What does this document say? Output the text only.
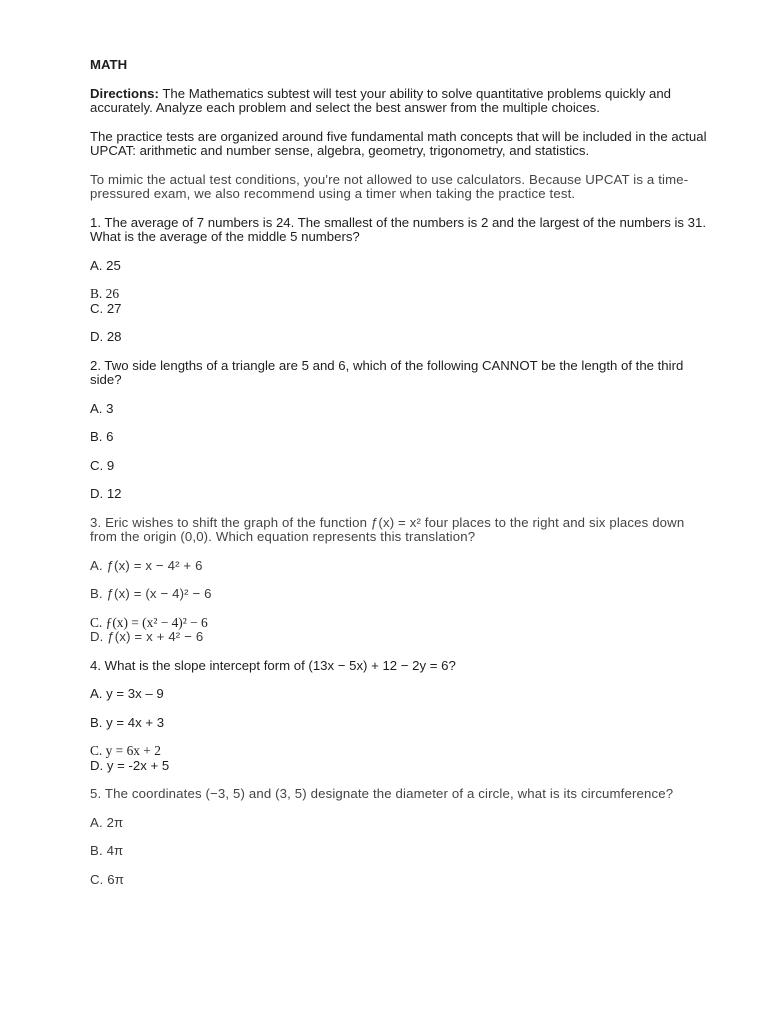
MATH

Directions: The Mathematics subtest will test your ability to solve quantitative problems quickly and accurately. Analyze each problem and select the best answer from the multiple choices.

The practice tests are organized around five fundamental math concepts that will be included in the actual UPCAT: arithmetic and number sense, algebra, geometry, trigonometry, and statistics.

To mimic the actual test conditions, you're not allowed to use calculators. Because UPCAT is a time-pressured exam, we also recommend using a timer when taking the practice test.

1. The average of 7 numbers is 24. The smallest of the numbers is 2 and the largest of the numbers is 31. What is the average of the middle 5 numbers?

A. 25

B. 26

C. 27

D. 28

2. Two side lengths of a triangle are 5 and 6, which of the following CANNOT be the length of the third side?

A. 3

B. 6

C. 9

D. 12

3. Eric wishes to shift the graph of the function ƒ(x) = x² four places to the right and six places down from the origin (0,0). Which equation represents this translation?

A. ƒ(x) = x − 4² + 6

B. ƒ(x) = (x − 4)² − 6

C. ƒ(x) = (x² − 4)² − 6

D. ƒ(x) = x + 4² − 6

4. What is the slope intercept form of (13x − 5x) + 12 − 2y = 6?

A. y = 3x – 9

B. y = 4x + 3

C. y = 6x + 2

D. y = -2x + 5

5. The coordinates (−3, 5) and (3, 5) designate the diameter of a circle, what is its circumference?

A. 2π

B. 4π

C. 6π
